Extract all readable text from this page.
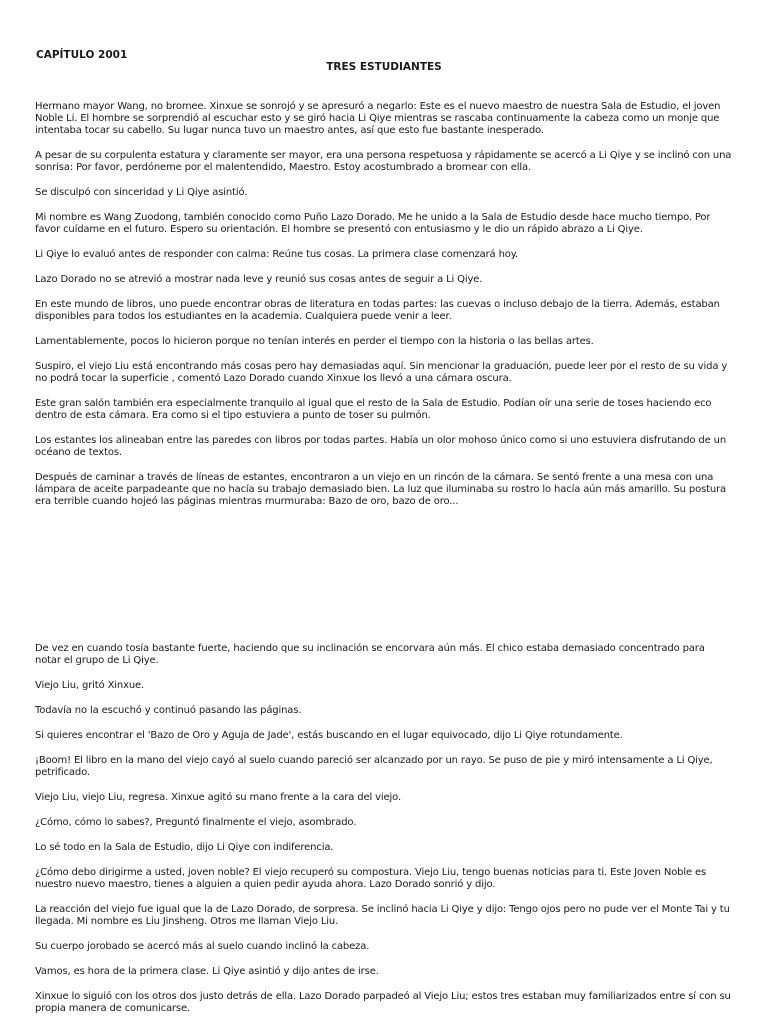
CAPÍTULO 2001
TRES ESTUDIANTES

Hermano mayor Wang, no bromee. Xinxue se sonrojó y se apresuró a negarlo: Este es el nuevo maestro de nuestra Sala de Estudio, el joven Noble Li. El hombre se sorprendió al escuchar esto y se giró hacia Li Qiye mientras se rascaba continuamente la cabeza como un monje que intentaba tocar su cabello. Su lugar nunca tuvo un maestro antes, así que esto fue bastante inesperado.

A pesar de su corpulenta estatura y claramente ser mayor, era una persona respetuosa y rápidamente se acercó a Li Qiye y se inclinó con una sonrisa: Por favor, perdóneme por el malentendido, Maestro. Estoy acostumbrado a bromear con ella.

Se disculpó con sinceridad y Li Qiye asintió.

Mi nombre es Wang Zuodong, también conocido como Puño Lazo Dorado. Me he unido a la Sala de Estudio desde hace mucho tiempo. Por favor cuídame en el futuro. Espero su orientación. El hombre se presentó con entusiasmo y le dio un rápido abrazo a Li Qiye.

Li Qiye lo evaluó antes de responder con calma: Reúne tus cosas. La primera clase comenzará hoy.

Lazo Dorado no se atrevió a mostrar nada leve y reunió sus cosas antes de seguir a Li Qiye.

En este mundo de libros, uno puede encontrar obras de literatura en todas partes: las cuevas o incluso debajo de la tierra. Además, estaban disponibles para todos los estudiantes en la academia. Cualquiera puede venir a leer.

Lamentablemente, pocos lo hicieron porque no tenían interés en perder el tiempo con la historia o las bellas artes.

Suspiro, el viejo Liu está encontrando más cosas pero hay demasiadas aquí. Sin mencionar la graduación, puede leer por el resto de su vida y no podrá tocar la superficie , comentó Lazo Dorado cuando Xinxue los llevó a una cámara oscura.

Este gran salón también era especialmente tranquilo al igual que el resto de la Sala de Estudio. Podían oír una serie de toses haciendo eco dentro de esta cámara. Era como si el tipo estuviera a punto de toser su pulmón.

Los estantes los alineaban entre las paredes con libros por todas partes. Había un olor mohoso único como si uno estuviera disfrutando de un océano de textos.

Después de caminar a través de líneas de estantes, encontraron a un viejo en un rincón de la cámara. Se sentó frente a una mesa con una lámpara de aceite parpadeante que no hacía su trabajo demasiado bien. La luz que iluminaba su rostro lo hacía aún más amarillo. Su postura era terrible cuando hojeó las páginas mientras murmuraba: Bazo de oro, bazo de oro...

De vez en cuando tosía bastante fuerte, haciendo que su inclinación se encorvara aún más. El chico estaba demasiado concentrado para notar el grupo de Li Qiye.

Viejo Liu, gritó Xinxue.

Todavía no la escuchó y continuó pasando las páginas.

Si quieres encontrar el 'Bazo de Oro y Aguja de Jade', estás buscando en el lugar equivocado, dijo Li Qiye rotundamente.

¡Boom! El libro en la mano del viejo cayó al suelo cuando pareció ser alcanzado por un rayo. Se puso de pie y miró intensamente a Li Qiye, petrificado.

Viejo Liu, viejo Liu, regresa. Xinxue agitó su mano frente a la cara del viejo.

¿Cómo, cómo lo sabes?, Preguntó finalmente el viejo, asombrado.

Lo sé todo en la Sala de Estudio, dijo Li Qiye con indiferencia.

¿Cómo debo dirigirme a usted, joven noble? El viejo recuperó su compostura. Viejo Liu, tengo buenas noticias para ti. Este Joven Noble es nuestro nuevo maestro, tienes a alguien a quien pedir ayuda ahora. Lazo Dorado sonrió y dijo.

La reacción del viejo fue igual que la de Lazo Dorado, de sorpresa. Se inclinó hacia Li Qiye y dijo: Tengo ojos pero no pude ver el Monte Tai y tu llegada. Mi nombre es Liu Jinsheng. Otros me llaman Viejo Liu.

Su cuerpo jorobado se acercó más al suelo cuando inclinó la cabeza.

Vamos, es hora de la primera clase. Li Qiye asintió y dijo antes de irse.

Xinxue lo siguió con los otros dos justo detrás de ella. Lazo Dorado parpadeó al Viejo Liu; estos tres estaban muy familiarizados entre sí con su propia manera de comunicarse.
